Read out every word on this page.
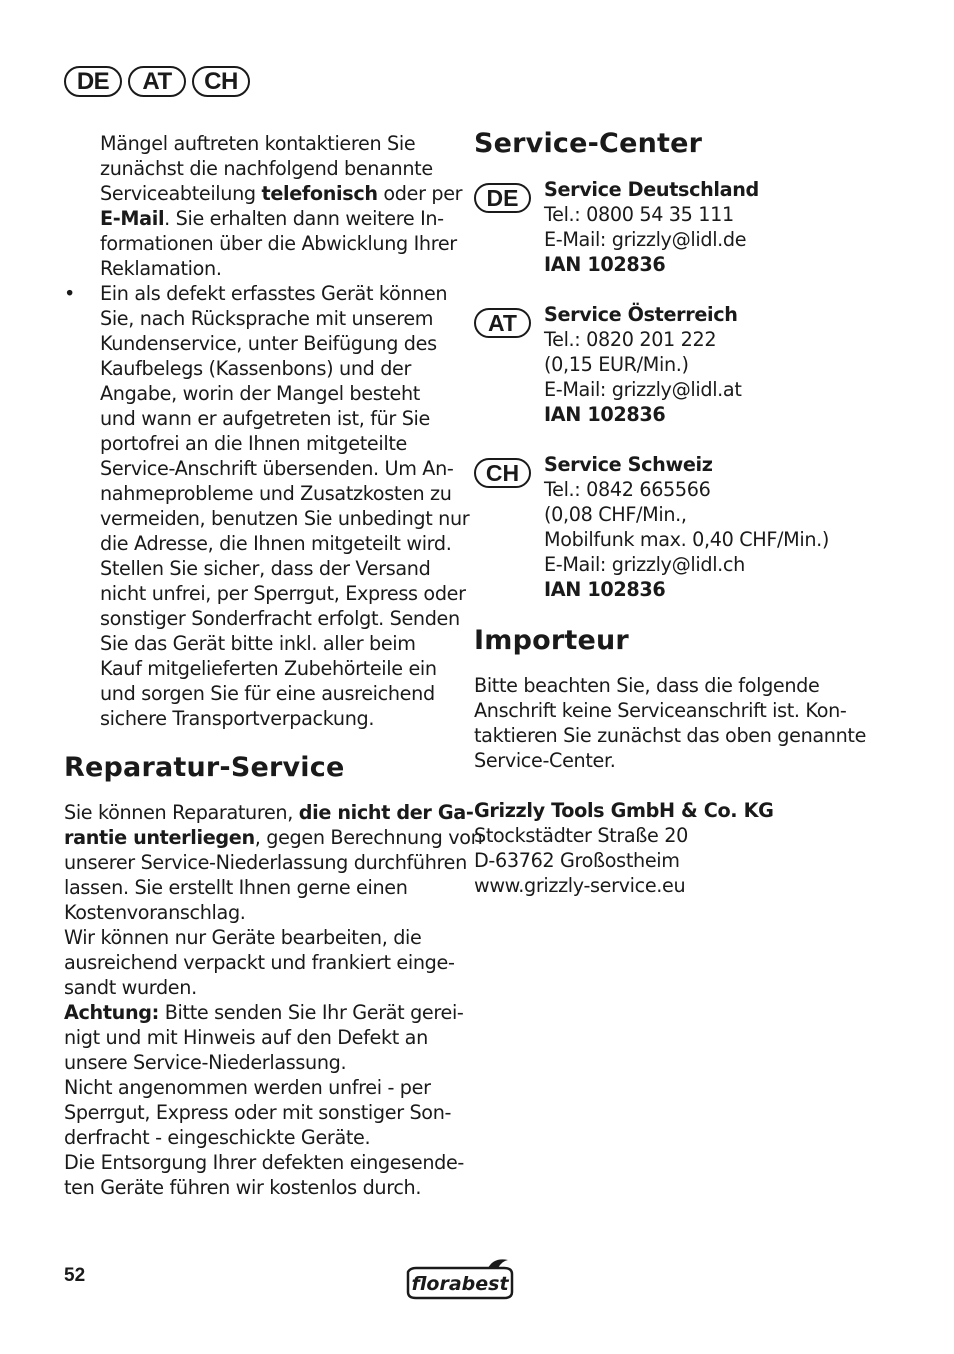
DE	AT	CH
Mängel auftreten kontaktieren Sie
zunächst die nachfolgend benannte
Serviceabteilung telefonisch oder per
E-Mail. Sie erhalten dann weitere In-
formationen über die Abwicklung Ihrer
Reklamation.
• Ein als defekt erfasstes Gerät können
Sie, nach Rücksprache mit unserem
Kundenservice, unter Beifügung des
Kaufbelegs (Kassenbons) und der
Angabe, worin der Mangel besteht
und wann er aufgetreten ist, für Sie
portofrei an die Ihnen mitgeteilte
Service-Anschrift übersenden. Um An-
nahmeprobleme und Zusatzkosten zu
vermeiden, benutzen Sie unbedingt nur
die Adresse, die Ihnen mitgeteilt wird.
Stellen Sie sicher, dass der Versand
nicht unfrei, per Sperrgut, Express oder
sonstiger Sonderfracht erfolgt. Senden
Sie das Gerät bitte inkl. aller beim
Kauf mitgelieferten Zubehörteile ein
und sorgen Sie für eine ausreichend
sichere Transportverpackung.
Reparatur-Service
Sie können Reparaturen, die nicht der Ga-
rantie unterliegen, gegen Berechnung von
unserer Service-Niederlassung durchführen
lassen. Sie erstellt Ihnen gerne einen
Kostenvoranschlag.
Wir können nur Geräte bearbeiten, die
ausreichend verpackt und frankiert einge-
sandt wurden.
Achtung: Bitte senden Sie Ihr Gerät gerei-
nigt und mit Hinweis auf den Defekt an
unsere Service-Niederlassung.
Nicht angenommen werden unfrei - per
Sperrgut, Express oder mit sonstiger Son-
derfracht - eingeschickte Geräte.
Die Entsorgung Ihrer defekten eingesende-
ten Geräte führen wir kostenlos durch.
Service-Center
DE	Service Deutschland
Tel.: 0800 54 35 111
E-Mail: grizzly@lidl.de
IAN 102836
AT	Service Österreich
Tel.: 0820 201 222
(0,15 EUR/Min.)
E-Mail: grizzly@lidl.at
IAN 102836
CH	Service Schweiz
Tel.: 0842 665566
(0,08 CHF/Min.,
Mobilfunk max. 0,40 CHF/Min.)
E-Mail: grizzly@lidl.ch
IAN 102836
Importeur
Bitte beachten Sie, dass die folgende
Anschrift keine Serviceanschrift ist. Kon-
taktieren Sie zunächst das oben genannte
Service-Center.
Grizzly Tools GmbH & Co. KG
Stockstädter Straße 20
D-63762 Großostheim
www.grizzly-service.eu
52	florabest
